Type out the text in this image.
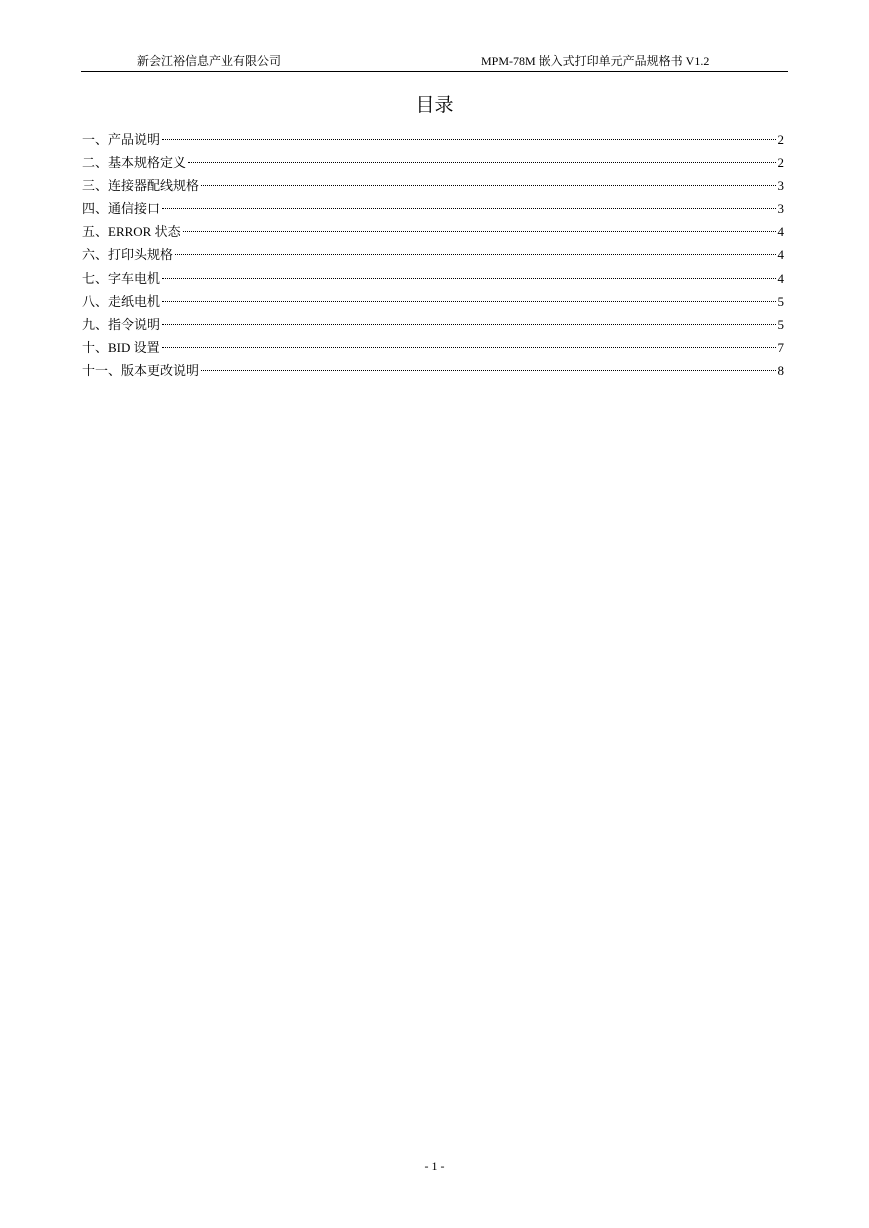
新会江裕信息产业有限公司	MPM-78M 嵌入式打印单元产品规格书 V1.2
目录
一、产品说明	2
二、基本规格定义	2
三、连接器配线规格	3
四、通信接口	3
五、ERROR 状态	4
六、打印头规格	4
七、字车电机	4
八、走纸电机	5
九、指令说明	5
十、BID 设置	7
十一、版本更改说明	8
- 1 -
